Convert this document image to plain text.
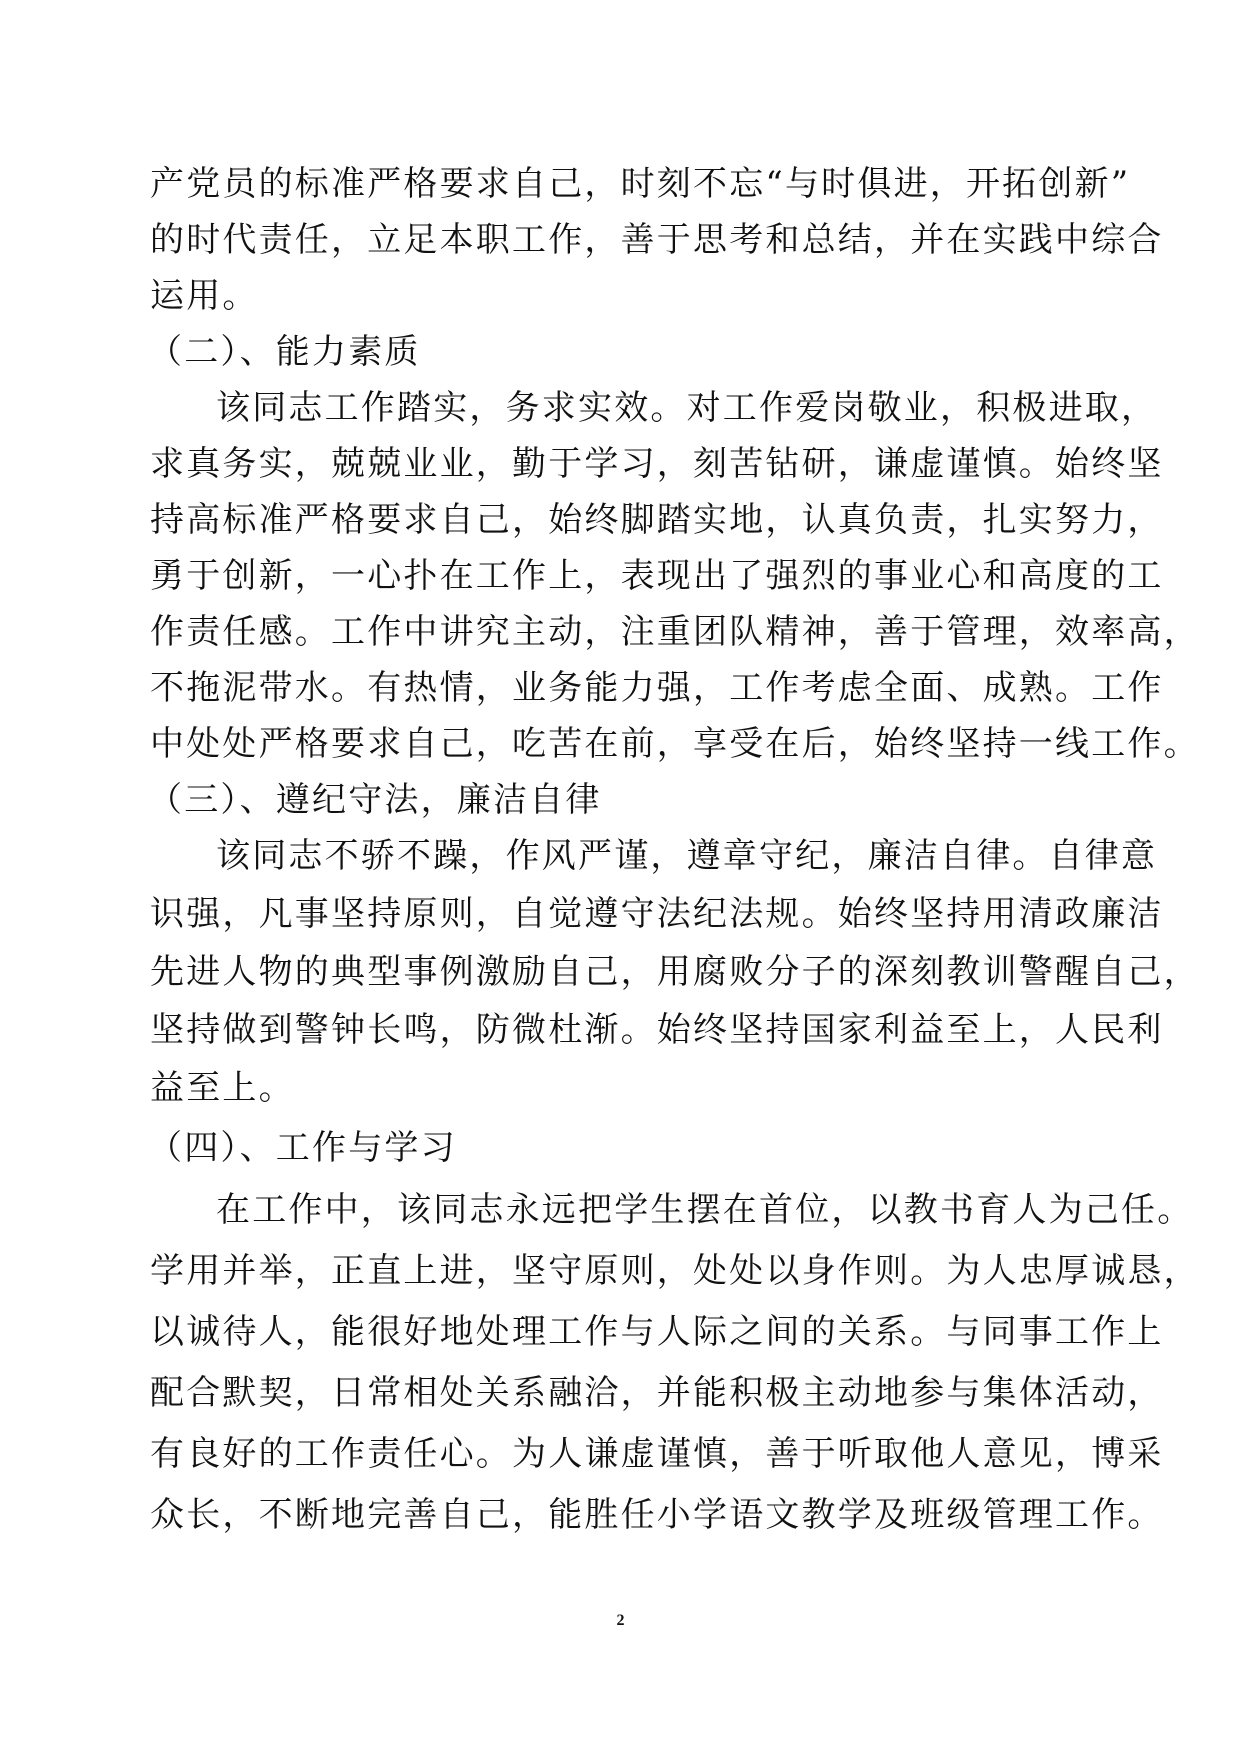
产党员的标准严格要求自己，时刻不忘“与时俱进，开拓创新”
的时代责任，立足本职工作，善于思考和总结，并在实践中综合
运用。
（二）、能力素质
该同志工作踏实，务求实效。对工作爱岗敬业，积极进取，
求真务实，兢兢业业，勤于学习，刻苦钻研，谦虚谨慎。始终坚
持高标准严格要求自己，始终脚踏实地，认真负责，扎实努力，
勇于创新，一心扑在工作上，表现出了强烈的事业心和高度的工
作责任感。工作中讲究主动，注重团队精神，善于管理，效率高，
不拖泥带水。有热情，业务能力强，工作考虑全面、成熟。工作
中处处严格要求自己，吃苦在前，享受在后，始终坚持一线工作。
（三）、遵纪守法，廉洁自律
该同志不骄不躁，作风严谨，遵章守纪，廉洁自律。自律意
识强，凡事坚持原则，自觉遵守法纪法规。始终坚持用清政廉洁
先进人物的典型事例激励自己，用腐败分子的深刻教训警醒自己，
坚持做到警钟长鸣，防微杜渐。始终坚持国家利益至上，人民利
益至上。
（四）、工作与学习
在工作中，该同志永远把学生摆在首位，以教书育人为己任。
学用并举，正直上进，坚守原则，处处以身作则。为人忠厚诚恳，
以诚待人，能很好地处理工作与人际之间的关系。与同事工作上
配合默契，日常相处关系融洽，并能积极主动地参与集体活动，
有良好的工作责任心。为人谦虚谨慎，善于听取他人意见，博采
众长，不断地完善自己，能胜任小学语文教学及班级管理工作。
2
